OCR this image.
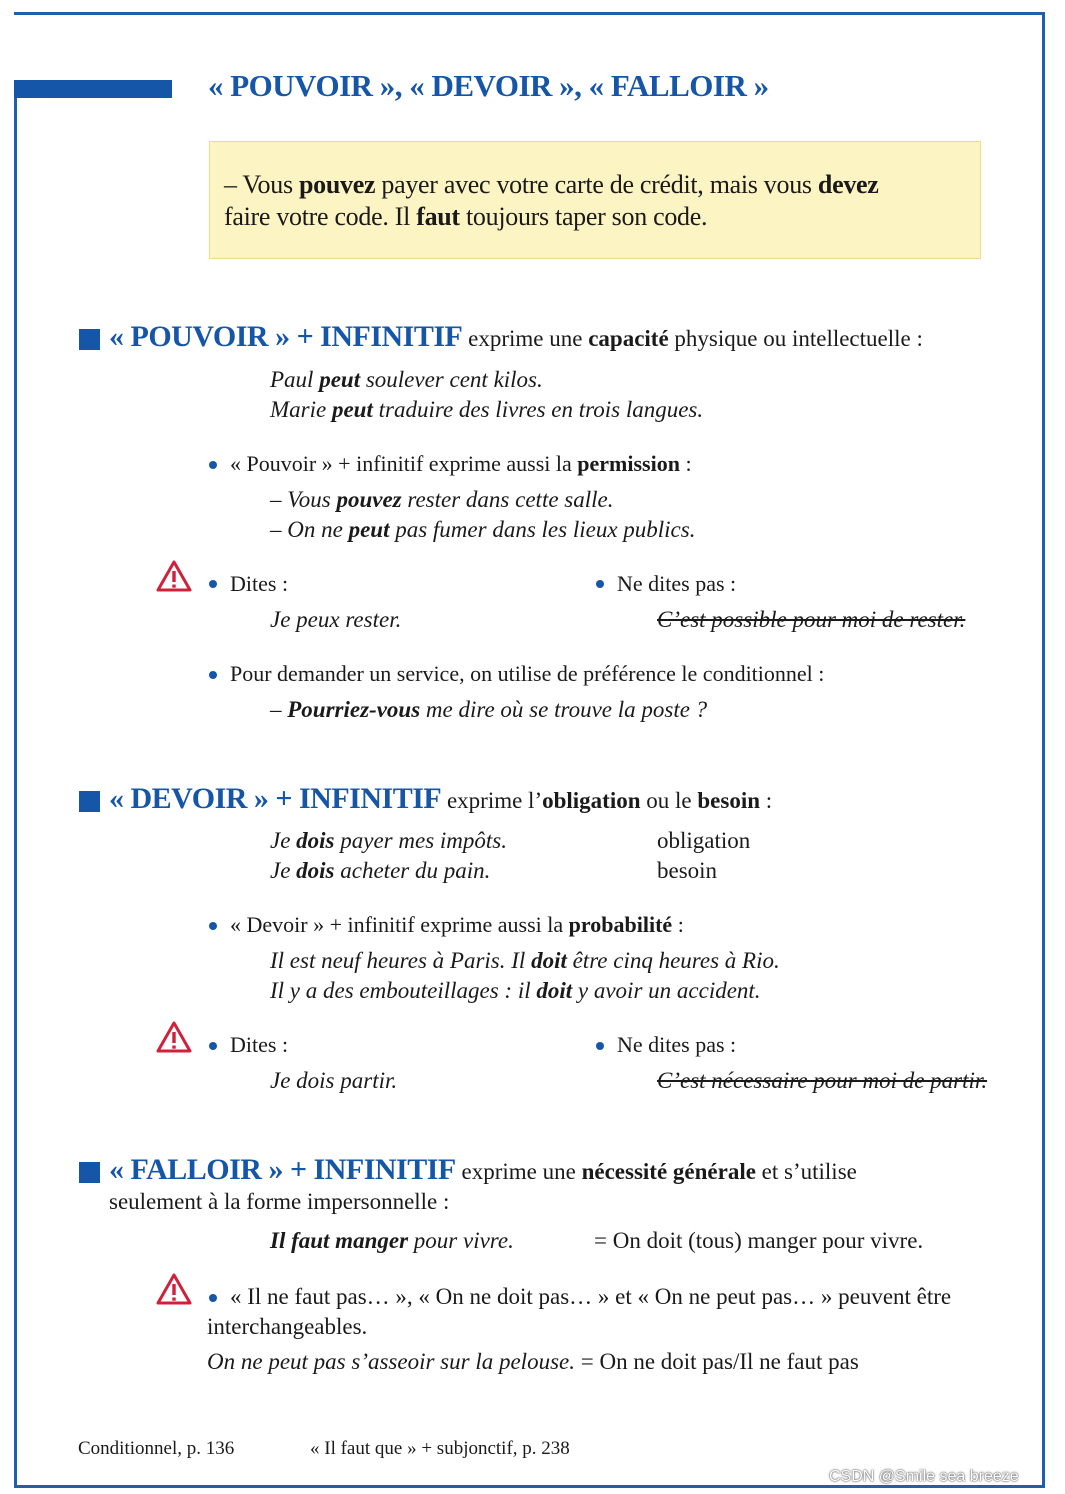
« POUVOIR », « DEVOIR », « FALLOIR »
– Vous pouvez payer avec votre carte de crédit, mais vous devez
faire votre code. Il faut toujours taper son code.
« POUVOIR » + INFINITIF exprime une capacité physique ou intellectuelle :
Paul peut soulever cent kilos.
Marie peut traduire des livres en trois langues.
« Pouvoir » + infinitif exprime aussi la permission :
– Vous pouvez rester dans cette salle.
– On ne peut pas fumer dans les lieux publics.
Dites :	Ne dites pas :
Je peux rester.	C’est possible pour moi de rester.
Pour demander un service, on utilise de préférence le conditionnel :
– Pourriez-vous me dire où se trouve la poste ?
« DEVOIR » + INFINITIF exprime l’obligation ou le besoin :
Je dois payer mes impôts.	obligation
Je dois acheter du pain.	besoin
« Devoir » + infinitif exprime aussi la probabilité :
Il est neuf heures à Paris. Il doit être cinq heures à Rio.
Il y a des embouteillages : il doit y avoir un accident.
Dites :	Ne dites pas :
Je dois partir.	C’est nécessaire pour moi de partir.
« FALLOIR » + INFINITIF exprime une nécessité générale et s’utilise
seulement à la forme impersonnelle :
Il faut manger pour vivre.	= On doit (tous) manger pour vivre.
« Il ne faut pas… », « On ne doit pas… » et « On ne peut pas… » peuvent être
interchangeables.
On ne peut pas s’asseoir sur la pelouse. = On ne doit pas/Il ne faut pas
Conditionnel, p. 136	« Il faut que » + subjonctif, p. 238
CSDN @Smile sea breeze
